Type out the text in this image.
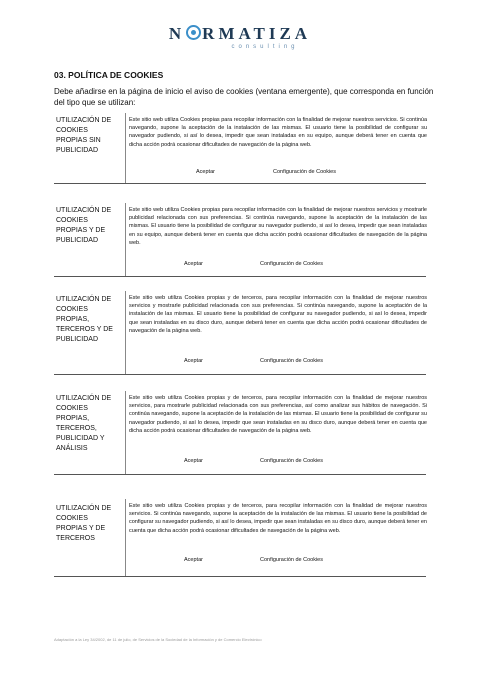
N RMATIZA
consulting
03. POLÍTICA DE COOKIES
Debe añadirse en la página de inicio el aviso de cookies (ventana emergente), que corresponda en función del tipo que se utilizan:
UTILIZACIÓN DE COOKIES PROPIAS SIN PUBLICIDAD
Este sitio web utiliza Cookies propias para recopilar información con la finalidad de mejorar nuestros servicios. Si continúa navegando, supone la aceptación de la instalación de las mismas. El usuario tiene la posibilidad de configurar su navegador pudiendo, si así lo desea, impedir que sean instaladas en su equipo, aunque deberá tener en cuenta que dicha acción podrá ocasionar dificultades de navegación de la página web.
Aceptar	Configuración de Cookies
UTILIZACIÓN DE COOKIES PROPIAS Y DE PUBLICIDAD
Este sitio web utiliza Cookies propias para recopilar información con la finalidad de mejorar nuestros servicios y mostrarle publicidad relacionada con sus preferencias. Si continúa navegando, supone la aceptación de la instalación de las mismas. El usuario tiene la posibilidad de configurar su navegador pudiendo, si así lo desea, impedir que sean instaladas en su equipo, aunque deberá tener en cuenta que dicha acción podrá ocasionar dificultades de navegación de la página web.
Aceptar	Configuración de Cookies
UTILIZACIÓN DE COOKIES PROPIAS, TERCEROS Y DE PUBLICIDAD
Este sitio web utiliza Cookies propias y de terceros, para recopilar información con la finalidad de mejorar nuestros servicios y mostrarle publicidad relacionada con sus preferencias. Si continúa navegando, supone la aceptación de la instalación de las mismas. El usuario tiene la posibilidad de configurar su navegador pudiendo, si así lo desea, impedir que sean instaladas en su disco duro, aunque deberá tener en cuenta que dicha acción podrá ocasionar dificultades de navegación de la página web.
Aceptar	Configuración de Cookies
UTILIZACIÓN DE COOKIES PROPIAS, TERCEROS, PUBLICIDAD Y ANÁLISIS
Este sitio web utiliza Cookies propias y de terceros, para recopilar información con la finalidad de mejorar nuestros servicios, para mostrarle publicidad relacionada con sus preferencias, así como analizar sus hábitos de navegación. Si continúa navegando, supone la aceptación de la instalación de las mismas. El usuario tiene la posibilidad de configurar su navegador pudiendo, si así lo desea, impedir que sean instaladas en su disco duro, aunque deberá tener en cuenta que dicha acción podrá ocasionar dificultades de navegación de la página web.
Aceptar	Configuración de Cookies
UTILIZACIÓN DE COOKIES PROPIAS Y DE TERCEROS
Este sitio web utiliza Cookies propias y de terceros, para recopilar información con la finalidad de mejorar nuestros servicios. Si continúa navegando, supone la aceptación de la instalación de las mismas. El usuario tiene la posibilidad de configurar su navegador pudiendo, si así lo desea, impedir que sean instaladas en su disco duro, aunque deberá tener en cuenta que dicha acción podrá ocasionar dificultades de navegación de la página web.
Aceptar	Configuración de Cookies
Adaptación a la Ley 34/2002, de 11 de julio, de Servicios de la Sociedad de la Información y de Comercio Electrónico
